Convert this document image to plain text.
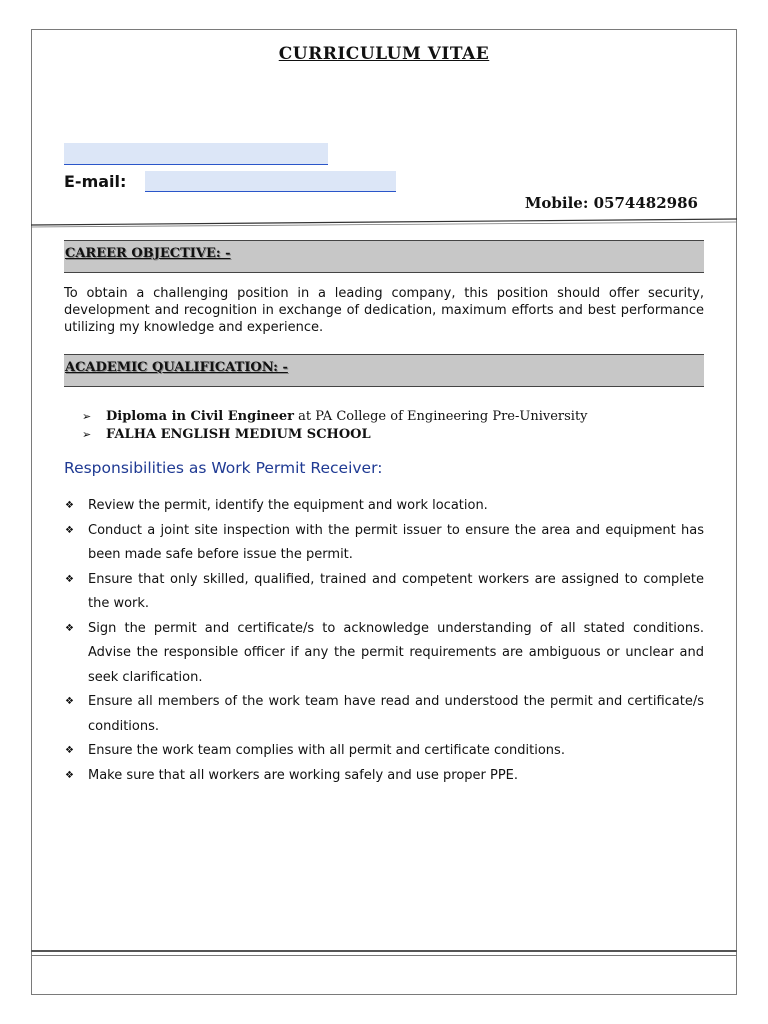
CURRICULUM VITAE
E-mail:
Mobile: 0574482986
CAREER OBJECTIVE: -
To obtain a challenging position in a leading company, this position should offer security, development and recognition in exchange of dedication, maximum efforts and best performance utilizing my knowledge and experience.
ACADEMIC QUALIFICATION: -
➢ Diploma in Civil Engineer at PA College of Engineering Pre-University
➢ FALHA ENGLISH MEDIUM SCHOOL
Responsibilities as Work Permit Receiver:
❖ Review the permit, identify the equipment and work location.
❖ Conduct a joint site inspection with the permit issuer to ensure the area and equipment has been made safe before issue the permit.
❖ Ensure that only skilled, qualified, trained and competent workers are assigned to complete the work.
❖ Sign the permit and certificate/s to acknowledge understanding of all stated conditions. Advise the responsible officer if any the permit requirements are ambiguous or unclear and seek clarification.
❖ Ensure all members of the work team have read and understood the permit and certificate/s conditions.
❖ Ensure the work team complies with all permit and certificate conditions.
❖ Make sure that all workers are working safely and use proper PPE.
